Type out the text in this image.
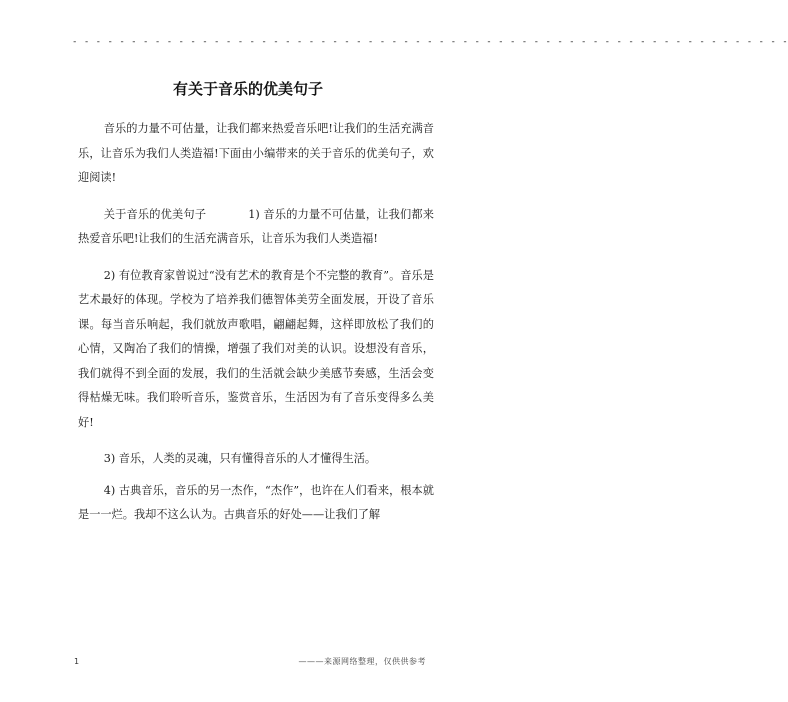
- - - - - - - - - - - - - - - - - - - - - - - - - - - - - - - - - - - - - - - - - - - - - - - - - - - - - - - - - - - - -
有关于音乐的优美句子

音乐的力量不可估量，让我们都来热爱音乐吧!让我们的生活充满音乐，让音乐为我们人类造福!下面由小编带来的关于音乐的优美句子，欢迎阅读!

关于音乐的优美句子	1) 音乐的力量不可估量，让我们都来热爱音乐吧!让我们的生活充满音乐，让音乐为我们人类造福!

2) 有位教育家曾说过“没有艺术的教育是个不完整的教育”。音乐是艺术最好的体现。学校为了培养我们德智体美劳全面发展，开设了音乐课。每当音乐响起，我们就放声歌唱，翩翩起舞，这样即放松了我们的心情，又陶冶了我们的情操，增强了我们对美的认识。设想没有音乐，我们就得不到全面的发展，我们的生活就会缺少美感节奏感，生活会变得枯燥无味。我们聆听音乐，鉴赏音乐，生活因为有了音乐变得多么美好!

3) 音乐，人类的灵魂，只有懂得音乐的人才懂得生活。

4) 古典音乐，音乐的另一杰作，“杰作”，也许在人们看来，根本就是一一烂。我却不这么认为。古典音乐的好处——让我们了解

1	———来源网络整理，仅供供参考
